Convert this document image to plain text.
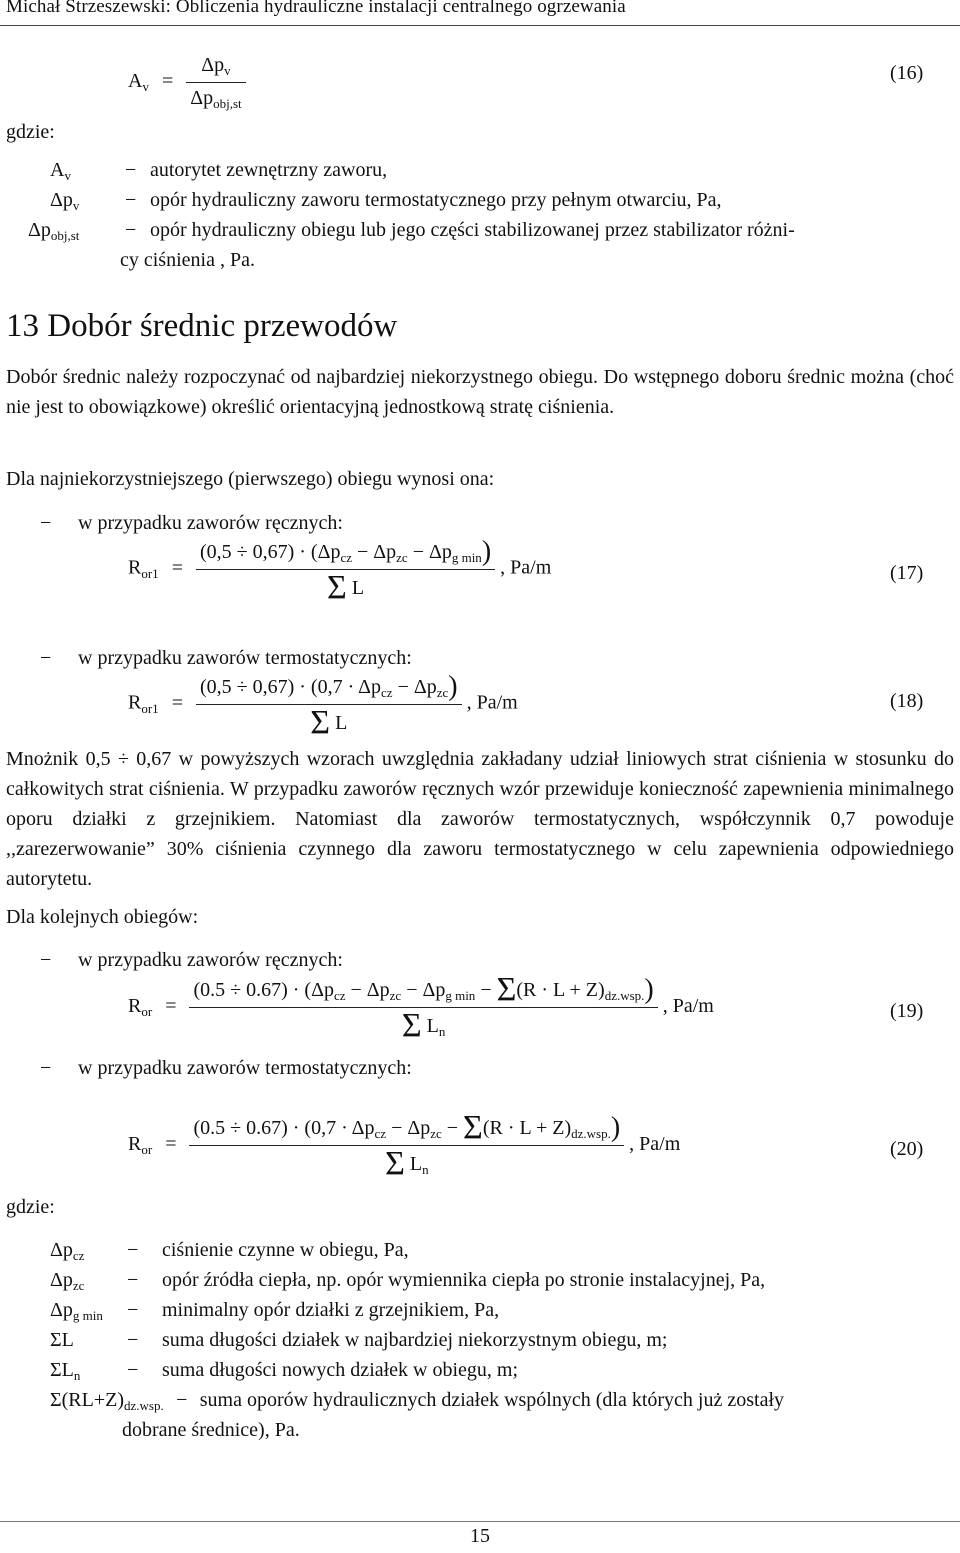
Michał Strzeszewski: Obliczenia hydrauliczne instalacji centralnego ogrzewania
$A_v = \frac{\Delta p_v}{\Delta p_{obj,st}}$	(16)
gdzie:
$A_v$	− autorytet zewnętrzny zaworu,
$\Delta p_v$ − opór hydrauliczny zaworu termostatycznego przy pełnym otwarciu, Pa,
$\Delta p_{obj,st}$ − opór hydrauliczny obiegu lub jego części stabilizowanej przez stabilizator różni-
cy ciśnienia , Pa.
13 Dobór średnic przewodów
Dobór średnic należy rozpoczynać od najbardziej niekorzystnego obiegu. Do wstępnego doboru średnic można (choć nie jest to obowiązkowe) określić orientacyjną jednostkową stratę ciśnienia.
Dla najniekorzystniejszego (pierwszego) obiegu wynosi ona:
− w przypadku zaworów ręcznych:
$R_{or1} = \frac{(0,5 \div 0,67) \cdot (\Delta p_{cz} - \Delta p_{zc} - \Delta p_{g min})}{\text{Σ L}}$ , Pa/m	(17)
− w przypadku zaworów termostatycznych:
$R_{or1} = \frac{(0,5 \div 0,67) \cdot (0,7 \cdot \Delta p_{cz} - \Delta p_{zc})}{\text{Σ L}}$ , Pa/m	(18)
Mnożnik 0,5 ÷ 0,67 w powyższych wzorach uwzględnia zakładany udział liniowych strat ciśnienia w stosunku do całkowitych strat ciśnienia. W przypadku zaworów ręcznych wzór przewiduje konieczność zapewnienia minimalnego oporu działki z grzejnikiem. Natomiast dla zaworów termostatycznych, współczynnik 0,7 powoduje ,,zarezerwowanie” 30% ciśnienia czynnego dla zaworu termostatycznego w celu zapewnienia odpowiedniego autorytetu.
Dla kolejnych obiegów:
− w przypadku zaworów ręcznych:
$R_{or} = \frac{(0.5 \div 0.67) \cdot (\Delta p_{cz} - \Delta p_{zc} - \Delta p_{g min} - \Sigma(R \cdot L + Z)_{dz.wsp.})}{\Sigma L_n}$ , Pa/m	(19)
− w przypadku zaworów termostatycznych:
$R_{or} = \frac{(0.5 \div 0.67) \cdot (0,7 \cdot \Delta p_{cz} - \Delta p_{zc} - \Sigma(R \cdot L + Z)_{dz.wsp.})}{\Sigma L_n}$ , Pa/m	(20)
gdzie:
$\Delta p_{cz}$ − ciśnienie czynne w obiegu, Pa,
$\Delta p_{zc}$ − opór źródła ciepła, np. opór wymiennika ciepła po stronie instalacyjnej, Pa,
$\Delta p_{g min}$ − minimalny opór działki z grzejnikiem, Pa,
ΣL	− suma długości działek w najbardziej niekorzystnym obiegu, m;
$\Sigma L_n$ − suma długości nowych działek w obiegu, m;
$\Sigma(RL+Z)_{dz.wsp.}$ − suma oporów hydraulicznych działek wspólnych (dla których już zostały
dobrane średnice), Pa.
15
